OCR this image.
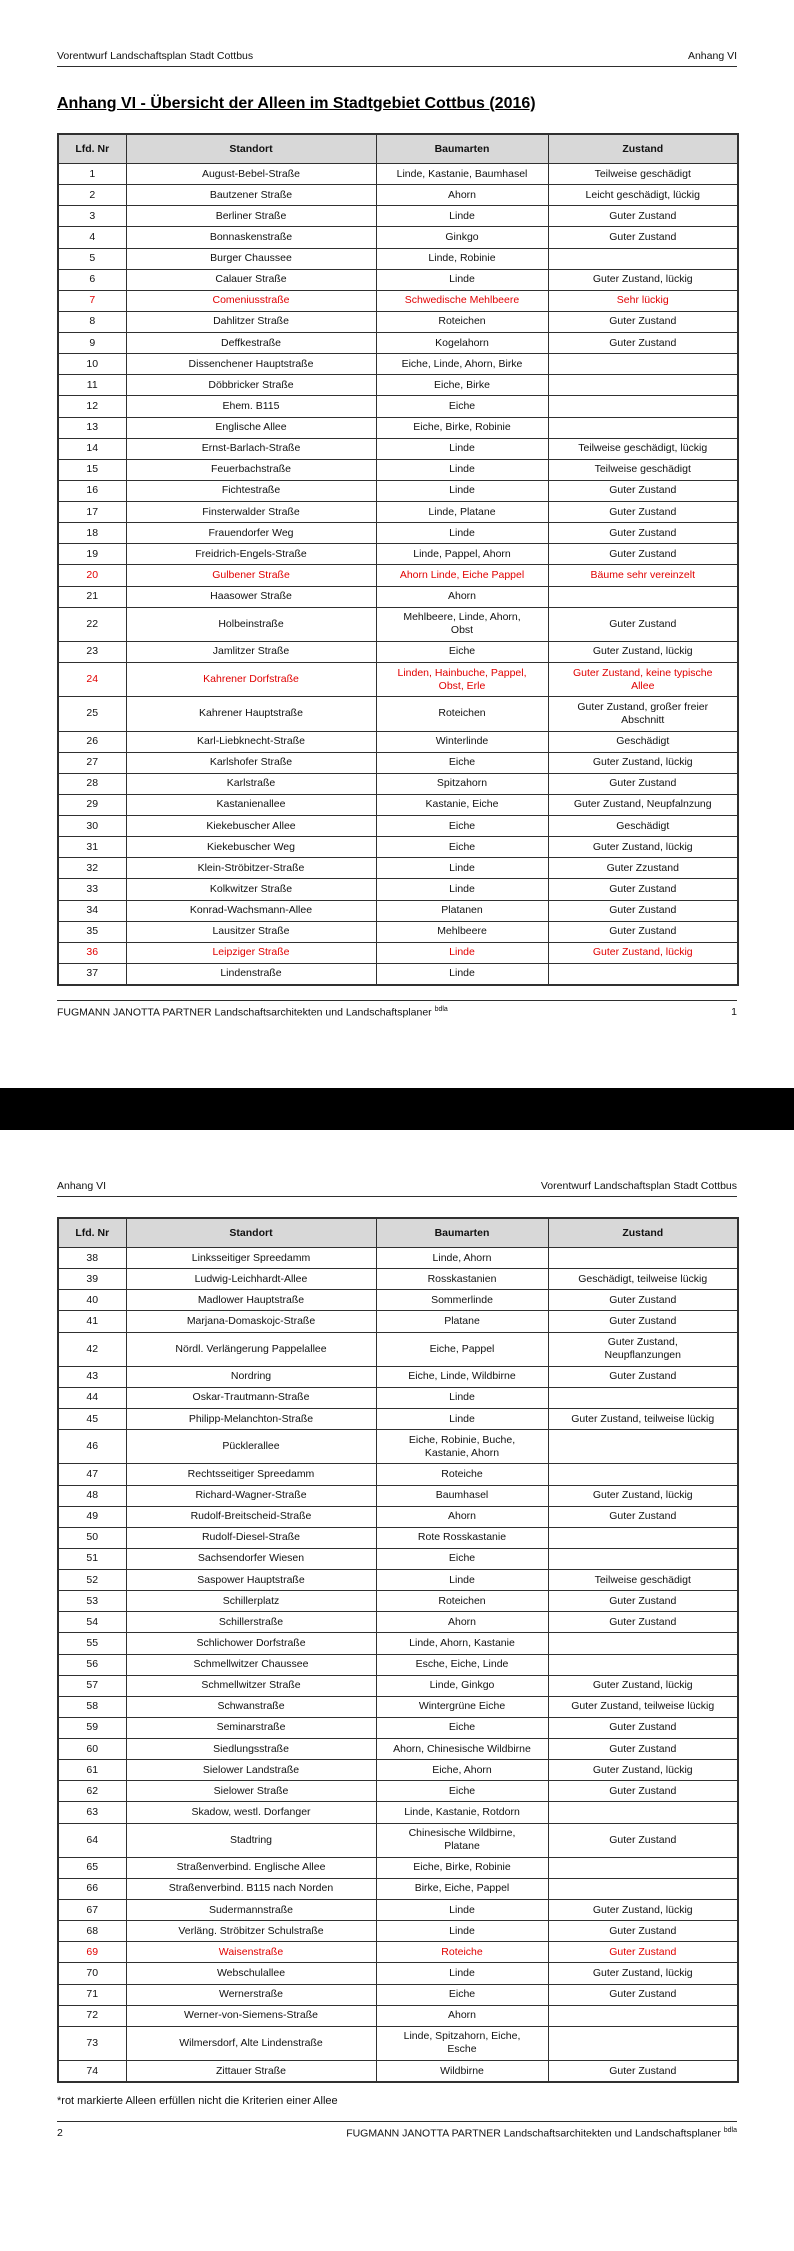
Vorentwurf Landschaftsplan Stadt Cottbus	Anhang VI
Anhang VI - Übersicht der Alleen im Stadtgebiet Cottbus (2016)
Lfd. Nr	Standort	Baumarten	Zustand
1	August-Bebel-Straße	Linde, Kastanie, Baumhasel	Teilweise geschädigt
2	Bautzener Straße	Ahorn	Leicht geschädigt, lückig
3	Berliner Straße	Linde	Guter Zustand
4	Bonnaskenstraße	Ginkgo	Guter Zustand
5	Burger Chaussee	Linde, Robinie	
6	Calauer Straße	Linde	Guter Zustand, lückig
7	Comeniusstraße	Schwedische Mehlbeere	Sehr lückig
8	Dahlitzer Straße	Roteichen	Guter Zustand
9	Deffkestraße	Kogelahorn	Guter Zustand
10	Dissenchener Hauptstraße	Eiche, Linde, Ahorn, Birke	
11	Döbbricker Straße	Eiche, Birke	
12	Ehem. B115	Eiche	
13	Englische Allee	Eiche, Birke, Robinie	
14	Ernst-Barlach-Straße	Linde	Teilweise geschädigt, lückig
15	Feuerbachstraße	Linde	Teilweise geschädigt
16	Fichtestraße	Linde	Guter Zustand
17	Finsterwalder Straße	Linde, Platane	Guter Zustand
18	Frauendorfer Weg	Linde	Guter Zustand
19	Freidrich-Engels-Straße	Linde, Pappel, Ahorn	Guter Zustand
20	Gulbener Straße	Ahorn Linde, Eiche Pappel	Bäume sehr vereinzelt
21	Haasower Straße	Ahorn	
22	Holbeinstraße	Mehlbeere, Linde, Ahorn, Obst	Guter Zustand
23	Jamlitzer Straße	Eiche	Guter Zustand, lückig
24	Kahrener Dorfstraße	Linden, Hainbuche, Pappel, Obst, Erle	Guter Zustand, keine typische Allee
25	Kahrener Hauptstraße	Roteichen	Guter Zustand, großer freier Abschnitt
26	Karl-Liebknecht-Straße	Winterlinde	Geschädigt
27	Karlshofer Straße	Eiche	Guter Zustand, lückig
28	Karlstraße	Spitzahorn	Guter Zustand
29	Kastanienallee	Kastanie, Eiche	Guter Zustand, Neupfalnzung
30	Kiekebuscher Allee	Eiche	Geschädigt
31	Kiekebuscher Weg	Eiche	Guter Zustand, lückig
32	Klein-Ströbitzer-Straße	Linde	Guter Zzustand
33	Kolkwitzer Straße	Linde	Guter Zustand
34	Konrad-Wachsmann-Allee	Platanen	Guter Zustand
35	Lausitzer Straße	Mehlbeere	Guter Zustand
36	Leipziger Straße	Linde	Guter Zustand, lückig
37	Lindenstraße	Linde	
FUGMANN JANOTTA PARTNER Landschaftsarchitekten und Landschaftsplaner $^{bdla}$	1
Anhang VI	Vorentwurf Landschaftsplan Stadt Cottbus
Lfd. Nr	Standort	Baumarten	Zustand
38	Linksseitiger Spreedamm	Linde, Ahorn	
39	Ludwig-Leichhardt-Allee	Rosskastanien	Geschädigt, teilweise lückig
40	Madlower Hauptstraße	Sommerlinde	Guter Zustand
41	Marjana-Domaskojc-Straße	Platane	Guter Zustand
42	Nördl. Verlängerung Pappelallee	Eiche, Pappel	Guter Zustand, Neupflanzungen
43	Nordring	Eiche, Linde, Wildbirne	Guter Zustand
44	Oskar-Trautmann-Straße	Linde	
45	Philipp-Melanchton-Straße	Linde	Guter Zustand, teilweise lückig
46	Pücklerallee	Eiche, Robinie, Buche, Kastanie, Ahorn	
47	Rechtsseitiger Spreedamm	Roteiche	
48	Richard-Wagner-Straße	Baumhasel	Guter Zustand, lückig
49	Rudolf-Breitscheid-Straße	Ahorn	Guter Zustand
50	Rudolf-Diesel-Straße	Rote Rosskastanie	
51	Sachsendorfer Wiesen	Eiche	
52	Saspower Hauptstraße	Linde	Teilweise geschädigt
53	Schillerplatz	Roteichen	Guter Zustand
54	Schillerstraße	Ahorn	Guter Zustand
55	Schlichower Dorfstraße	Linde, Ahorn, Kastanie	
56	Schmellwitzer Chaussee	Esche, Eiche, Linde	
57	Schmellwitzer Straße	Linde, Ginkgo	Guter Zustand, lückig
58	Schwanstraße	Wintergrüne Eiche	Guter Zustand, teilweise lückig
59	Seminarstraße	Eiche	Guter Zustand
60	Siedlungsstraße	Ahorn, Chinesische Wildbirne	Guter Zustand
61	Sielower Landstraße	Eiche, Ahorn	Guter Zustand, lückig
62	Sielower Straße	Eiche	Guter Zustand
63	Skadow, westl. Dorfanger	Linde, Kastanie, Rotdorn	
64	Stadtring	Chinesische Wildbirne, Platane	Guter Zustand
65	Straßenverbind. Englische Allee	Eiche, Birke, Robinie	
66	Straßenverbind. B115 nach Norden	Birke, Eiche, Pappel	
67	Sudermannstraße	Linde	Guter Zustand, lückig
68	Verläng. Ströbitzer Schulstraße	Linde	Guter Zustand
69	Waisenstraße	Roteiche	Guter Zustand
70	Webschulallee	Linde	Guter Zustand, lückig
71	Wernerstraße	Eiche	Guter Zustand
72	Werner-von-Siemens-Straße	Ahorn	
73	Wilmersdorf, Alte Lindenstraße	Linde, Spitzahorn, Eiche, Esche	
74	Zittauer Straße	Wildbirne	Guter Zustand
*rot markierte Alleen erfüllen nicht die Kriterien einer Allee
2	FUGMANN JANOTTA PARTNER Landschaftsarchitekten und Landschaftsplaner $^{bdla}$
